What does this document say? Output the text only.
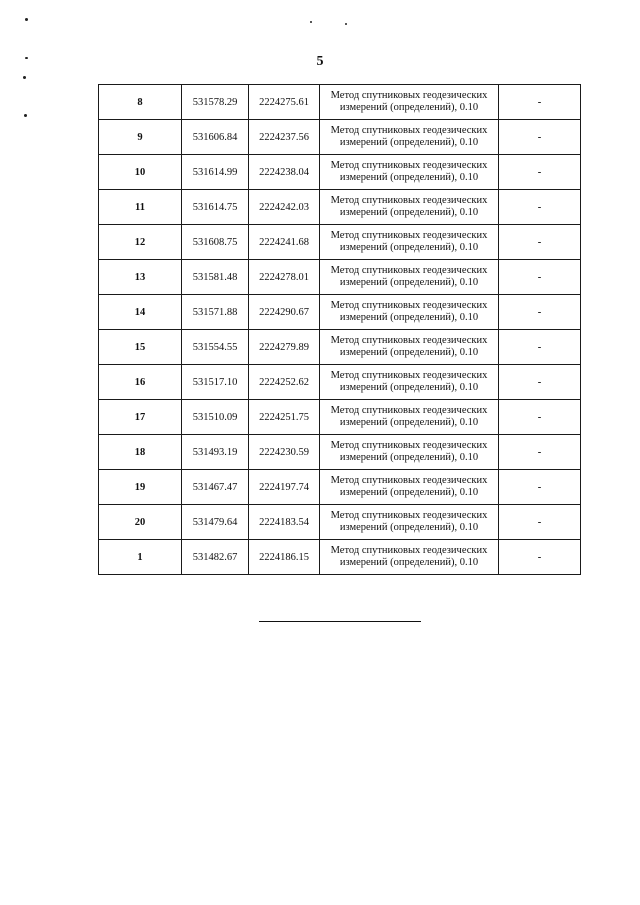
5
8	531578.29	2224275.61	Метод спутниковых геодезических
измерений (определений), 0.10	-
9	531606.84	2224237.56	Метод спутниковых геодезических
измерений (определений), 0.10	-
10	531614.99	2224238.04	Метод спутниковых геодезических
измерений (определений), 0.10	-
11	531614.75	2224242.03	Метод спутниковых геодезических
измерений (определений), 0.10	-
12	531608.75	2224241.68	Метод спутниковых геодезических
измерений (определений), 0.10	-
13	531581.48	2224278.01	Метод спутниковых геодезических
измерений (определений), 0.10	-
14	531571.88	2224290.67	Метод спутниковых геодезических
измерений (определений), 0.10	-
15	531554.55	2224279.89	Метод спутниковых геодезических
измерений (определений), 0.10	-
16	531517.10	2224252.62	Метод спутниковых геодезических
измерений (определений), 0.10	-
17	531510.09	2224251.75	Метод спутниковых геодезических
измерений (определений), 0.10	-
18	531493.19	2224230.59	Метод спутниковых геодезических
измерений (определений), 0.10	-
19	531467.47	2224197.74	Метод спутниковых геодезических
измерений (определений), 0.10	-
20	531479.64	2224183.54	Метод спутниковых геодезических
измерений (определений), 0.10	-
1	531482.67	2224186.15	Метод спутниковых геодезических
измерений (определений), 0.10	-
